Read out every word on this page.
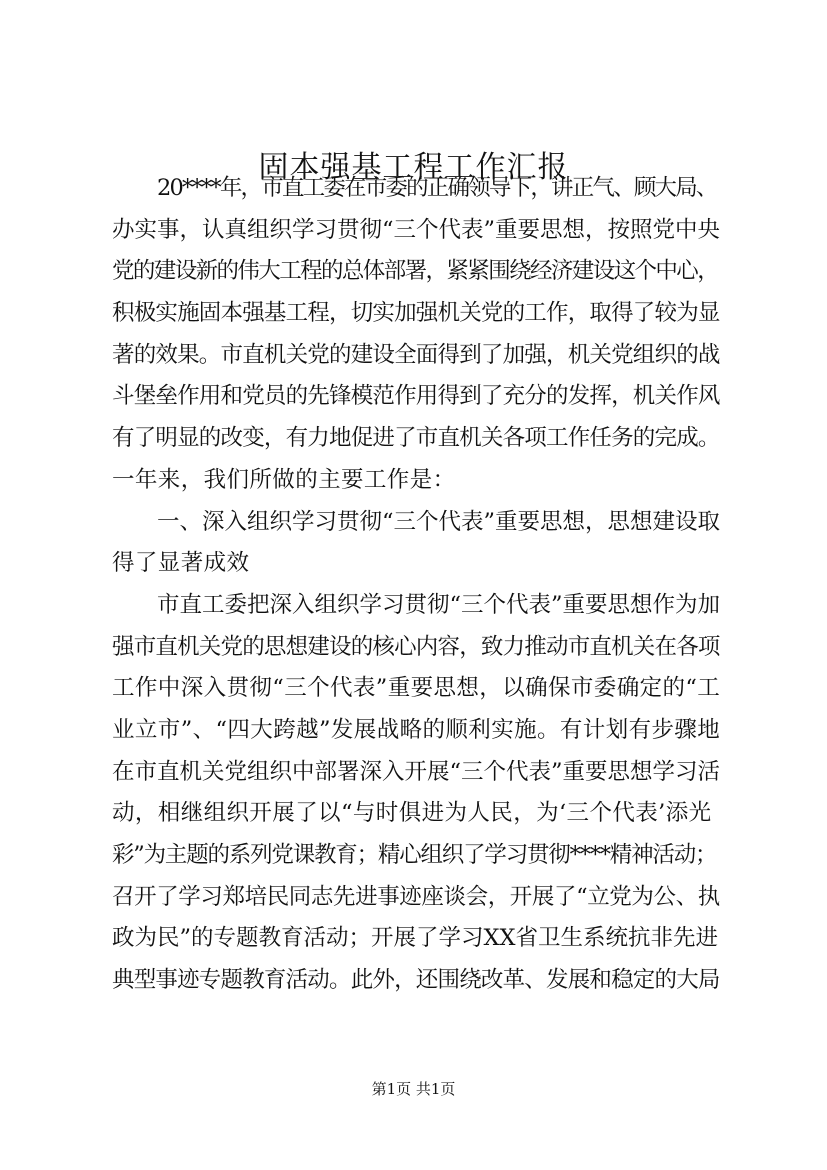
固本强基工程工作汇报
20****年，市直工委在市委的正确领导下，讲正气、顾大局、
办实事，认真组织学习贯彻“三个代表”重要思想，按照党中央
党的建设新的伟大工程的总体部署，紧紧围绕经济建设这个中心，
积极实施固本强基工程，切实加强机关党的工作，取得了较为显
著的效果。市直机关党的建设全面得到了加强，机关党组织的战
斗堡垒作用和党员的先锋模范作用得到了充分的发挥，机关作风
有了明显的改变，有力地促进了市直机关各项工作任务的完成。
一年来，我们所做的主要工作是：
一、深入组织学习贯彻“三个代表”重要思想，思想建设取
得了显著成效
市直工委把深入组织学习贯彻“三个代表”重要思想作为加
强市直机关党的思想建设的核心内容，致力推动市直机关在各项
工作中深入贯彻“三个代表”重要思想，以确保市委确定的“工
业立市”、“四大跨越”发展战略的顺利实施。有计划有步骤地
在市直机关党组织中部署深入开展“三个代表”重要思想学习活
动，相继组织开展了以“与时俱进为人民，为‘三个代表’添光
彩”为主题的系列党课教育；精心组织了学习贯彻****精神活动；
召开了学习郑培民同志先进事迹座谈会，开展了“立党为公、执
政为民”的专题教育活动；开展了学习XX省卫生系统抗非先进
典型事迹专题教育活动。此外，还围绕改革、发展和稳定的大局
第1页 共1页
